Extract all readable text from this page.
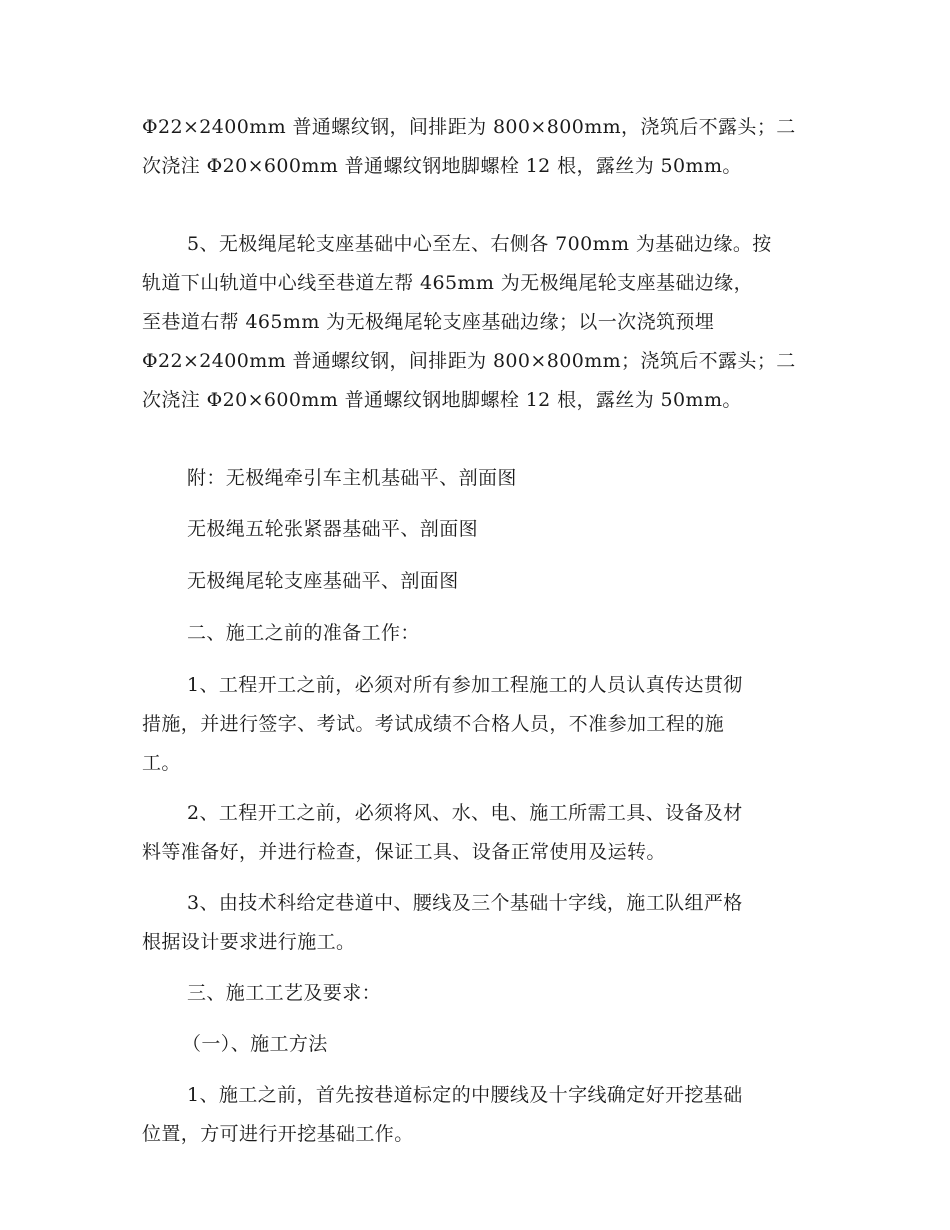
Φ22×2400mm 普通螺纹钢，间排距为 800×800mm，浇筑后不露头；二
次浇注 Φ20×600mm 普通螺纹钢地脚螺栓 12 根，露丝为 50mm。
5、无极绳尾轮支座基础中心至左、右侧各 700mm 为基础边缘。按
轨道下山轨道中心线至巷道左帮 465mm 为无极绳尾轮支座基础边缘，
至巷道右帮 465mm 为无极绳尾轮支座基础边缘；以一次浇筑预埋
Φ22×2400mm 普通螺纹钢，间排距为 800×800mm；浇筑后不露头；二
次浇注 Φ20×600mm 普通螺纹钢地脚螺栓 12 根，露丝为 50mm。
附：无极绳牵引车主机基础平、剖面图
无极绳五轮张紧器基础平、剖面图
无极绳尾轮支座基础平、剖面图
二、施工之前的准备工作：
1、工程开工之前，必须对所有参加工程施工的人员认真传达贯彻
措施，并进行签字、考试。考试成绩不合格人员，不准参加工程的施
工。
2、工程开工之前，必须将风、水、电、施工所需工具、设备及材
料等准备好，并进行检查，保证工具、设备正常使用及运转。
3、由技术科给定巷道中、腰线及三个基础十字线，施工队组严格
根据设计要求进行施工。
三、施工工艺及要求：
（一）、施工方法
1、施工之前，首先按巷道标定的中腰线及十字线确定好开挖基础
位置，方可进行开挖基础工作。
